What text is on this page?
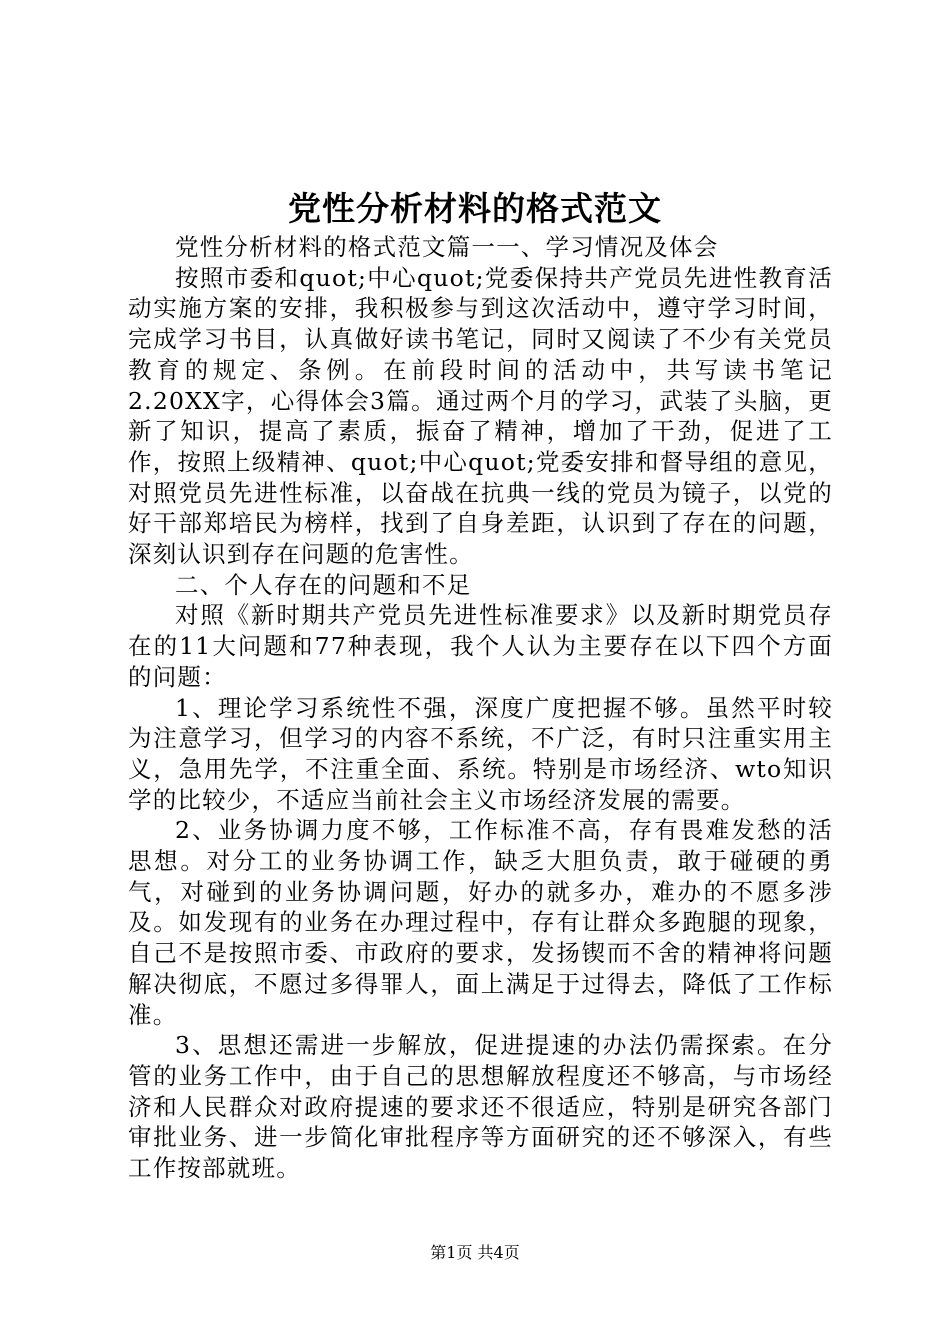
党性分析材料的格式范文

党性分析材料的格式范文篇一一、学习情况及体会

按照市委和quot;中心quot;党委保持共产党员先进性教育活动实施方案的安排，我积极参与到这次活动中，遵守学习时间，完成学习书目，认真做好读书笔记，同时又阅读了不少有关党员教育的规定、条例。在前段时间的活动中，共写读书笔记2.20XX字，心得体会3篇。通过两个月的学习，武装了头脑，更新了知识，提高了素质，振奋了精神，增加了干劲，促进了工作，按照上级精神、quot;中心quot;党委安排和督导组的意见，对照党员先进性标准，以奋战在抗典一线的党员为镜子，以党的好干部郑培民为榜样，找到了自身差距，认识到了存在的问题，深刻认识到存在问题的危害性。

二、个人存在的问题和不足

对照《新时期共产党员先进性标准要求》以及新时期党员存在的11大问题和77种表现，我个人认为主要存在以下四个方面的问题：

1、理论学习系统性不强，深度广度把握不够。虽然平时较为注意学习，但学习的内容不系统，不广泛，有时只注重实用主义，急用先学，不注重全面、系统。特别是市场经济、wto知识学的比较少，不适应当前社会主义市场经济发展的需要。

2、业务协调力度不够，工作标准不高，存有畏难发愁的活思想。对分工的业务协调工作，缺乏大胆负责，敢于碰硬的勇气，对碰到的业务协调问题，好办的就多办，难办的不愿多涉及。如发现有的业务在办理过程中，存有让群众多跑腿的现象，自己不是按照市委、市政府的要求，发扬锲而不舍的精神将问题解决彻底，不愿过多得罪人，面上满足于过得去，降低了工作标准。

3、思想还需进一步解放，促进提速的办法仍需探索。在分管的业务工作中，由于自己的思想解放程度还不够高，与市场经济和人民群众对政府提速的要求还不很适应，特别是研究各部门审批业务、进一步简化审批程序等方面研究的还不够深入，有些工作按部就班。

第1页 共4页
